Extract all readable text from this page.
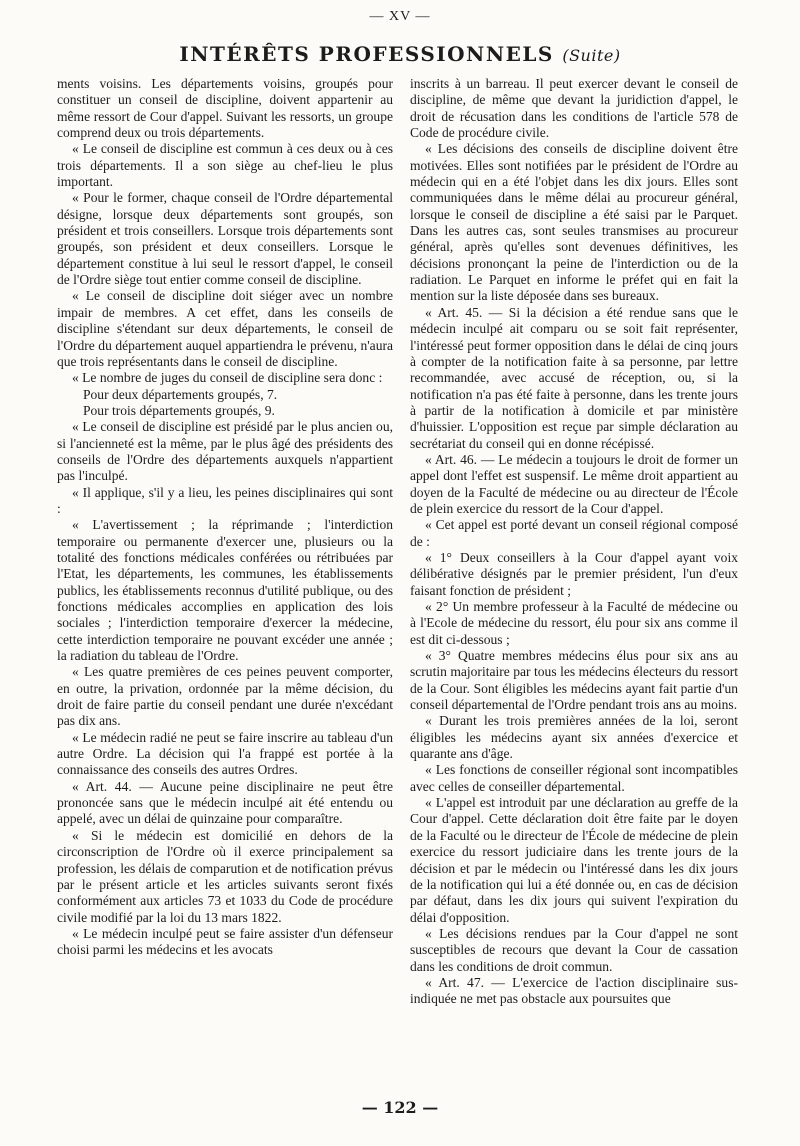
— XV —
INTÉRÊTS PROFESSIONNELS (Suite)

ments voisins. Les départements voisins, groupés pour constituer un conseil de discipline, doivent appartenir au même ressort de Cour d'appel. Suivant les ressorts, un groupe comprend deux ou trois départements.

« Le conseil de discipline est commun à ces deux ou à ces trois départements. Il a son siège au chef-lieu le plus important.

« Pour le former, chaque conseil de l'Ordre départemental désigne, lorsque deux départements sont groupés, son président et trois conseillers. Lorsque trois départements sont groupés, son président et deux conseillers. Lorsque le département constitue à lui seul le ressort d'appel, le conseil de l'Ordre siège tout entier comme conseil de discipline.

« Le conseil de discipline doit siéger avec un nombre impair de membres. A cet effet, dans les conseils de discipline s'étendant sur deux départements, le conseil de l'Ordre du département auquel appartiendra le prévenu, n'aura que trois représentants dans le conseil de discipline.

« Le nombre de juges du conseil de discipline sera donc :

Pour deux départements groupés, 7.

Pour trois départements groupés, 9.

« Le conseil de discipline est présidé par le plus ancien ou, si l'ancienneté est la même, par le plus âgé des présidents des conseils de l'Ordre des départements auxquels n'appartient pas l'inculpé.

« Il applique, s'il y a lieu, les peines disciplinaires qui sont :

« L'avertissement ; la réprimande ; l'interdiction temporaire ou permanente d'exercer une, plusieurs ou la totalité des fonctions médicales conférées ou rétribuées par l'Etat, les départements, les communes, les établissements publics, les établissements reconnus d'utilité publique, ou des fonctions médicales accomplies en application des lois sociales ; l'interdiction temporaire d'exercer la médecine, cette interdiction temporaire ne pouvant excéder une année ; la radiation du tableau de l'Ordre.

« Les quatre premières de ces peines peuvent comporter, en outre, la privation, ordonnée par la même décision, du droit de faire partie du conseil pendant une durée n'excédant pas dix ans.

« Le médecin radié ne peut se faire inscrire au tableau d'un autre Ordre. La décision qui l'a frappé est portée à la connaissance des conseils des autres Ordres.

« Art. 44. — Aucune peine disciplinaire ne peut être prononcée sans que le médecin inculpé ait été entendu ou appelé, avec un délai de quinzaine pour comparaître.

« Si le médecin est domicilié en dehors de la circonscription de l'Ordre où il exerce principalement sa profession, les délais de comparution et de notification prévus par le présent article et les articles suivants seront fixés conformément aux articles 73 et 1033 du Code de procédure civile modifié par la loi du 13 mars 1822.

« Le médecin inculpé peut se faire assister d'un défenseur choisi parmi les médecins et les avocats

inscrits à un barreau. Il peut exercer devant le conseil de discipline, de même que devant la juridiction d'appel, le droit de récusation dans les conditions de l'article 578 de Code de procédure civile.

« Les décisions des conseils de discipline doivent être motivées. Elles sont notifiées par le président de l'Ordre au médecin qui en a été l'objet dans les dix jours. Elles sont communiquées dans le même délai au procureur général, lorsque le conseil de discipline a été saisi par le Parquet. Dans les autres cas, sont seules transmises au procureur général, après qu'elles sont devenues définitives, les décisions prononçant la peine de l'interdiction ou de la radiation. Le Parquet en informe le préfet qui en fait la mention sur la liste déposée dans ses bureaux.

« Art. 45. — Si la décision a été rendue sans que le médecin inculpé ait comparu ou se soit fait représenter, l'intéressé peut former opposition dans le délai de cinq jours à compter de la notification faite à sa personne, par lettre recommandée, avec accusé de réception, ou, si la notification n'a pas été faite à personne, dans les trente jours à partir de la notification à domicile et par ministère d'huissier. L'opposition est reçue par simple déclaration au secrétariat du conseil qui en donne récépissé.

« Art. 46. — Le médecin a toujours le droit de former un appel dont l'effet est suspensif. Le même droit appartient au doyen de la Faculté de médecine ou au directeur de l'École de plein exercice du ressort de la Cour d'appel.

« Cet appel est porté devant un conseil régional composé de :

« 1° Deux conseillers à la Cour d'appel ayant voix délibérative désignés par le premier président, l'un d'eux faisant fonction de président ;

« 2° Un membre professeur à la Faculté de médecine ou à l'Ecole de médecine du ressort, élu pour six ans comme il est dit ci-dessous ;

« 3° Quatre membres médecins élus pour six ans au scrutin majoritaire par tous les médecins électeurs du ressort de la Cour. Sont éligibles les médecins ayant fait partie d'un conseil départemental de l'Ordre pendant trois ans au moins.

« Durant les trois premières années de la loi, seront éligibles les médecins ayant six années d'exercice et quarante ans d'âge.

« Les fonctions de conseiller régional sont incompatibles avec celles de conseiller départemental.

« L'appel est introduit par une déclaration au greffe de la Cour d'appel. Cette déclaration doit être faite par le doyen de la Faculté ou le directeur de l'École de médecine de plein exercice du ressort judiciaire dans les trente jours de la décision et par le médecin ou l'intéressé dans les dix jours de la notification qui lui a été donnée ou, en cas de décision par défaut, dans les dix jours qui suivent l'expiration du délai d'opposition.

« Les décisions rendues par la Cour d'appel ne sont susceptibles de recours que devant la Cour de cassation dans les conditions de droit commun.

« Art. 47. — L'exercice de l'action disciplinaire sus-indiquée ne met pas obstacle aux poursuites que

— 122 —
